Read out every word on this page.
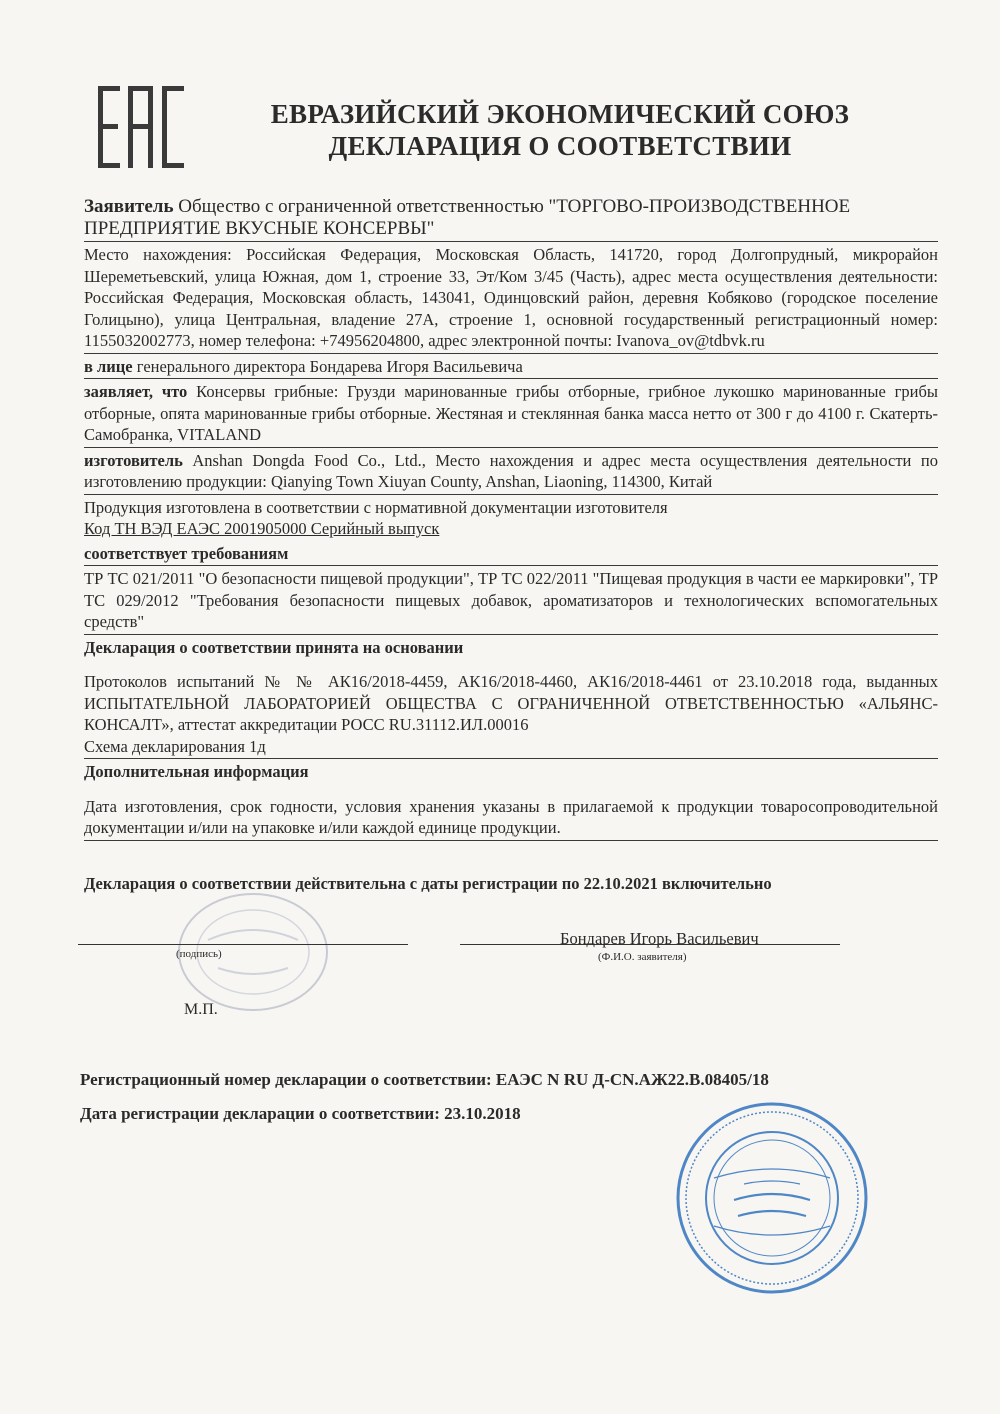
ЕВРАЗИЙСКИЙ ЭКОНОМИЧЕСКИЙ СОЮЗ
ДЕКЛАРАЦИЯ О СООТВЕТСТВИИ
Заявитель Общество с ограниченной ответственностью "ТОРГОВО-ПРОИЗВОДСТВЕННОЕ ПРЕДПРИЯТИЕ ВКУСНЫЕ КОНСЕРВЫ"
Место нахождения: Российская Федерация, Московская Область, 141720, город Долгопрудный, микрорайон Шереметьевский, улица Южная, дом 1, строение 33, Эт/Ком 3/45 (Часть), адрес места осуществления деятельности: Российская Федерация, Московская область, 143041, Одинцовский район, деревня Кобяково (городское поселение Голицыно), улица Центральная, владение 27А, строение 1, основной государственный регистрационный номер: 1155032002773, номер телефона: +74956204800, адрес электронной почты: Ivanova_ov@tdbvk.ru
в лице генерального директора Бондарева Игоря Васильевича
заявляет, что Консервы грибные: Грузди маринованные грибы отборные, грибное лукошко маринованные грибы отборные, опята маринованные грибы отборные. Жестяная и стеклянная банка масса нетто от 300 г до 4100 г. Скатерть-Самобранка, VITALAND
изготовитель Anshan Dongda Food Co., Ltd., Место нахождения и адрес места осуществления деятельности по изготовлению продукции: Qianying Town Xiuyan County, Anshan, Liaoning, 114300, Китай
Продукция изготовлена в соответствии с нормативной документации изготовителя
Код ТН ВЭД ЕАЭС 2001905000 Серийный выпуск
соответствует требованиям
ТР ТС 021/2011 "О безопасности пищевой продукции", ТР ТС 022/2011 "Пищевая продукция в части ее маркировки", ТР ТС 029/2012 "Требования безопасности пищевых добавок, ароматизаторов и технологических вспомогательных средств"
Декларация о соответствии принята на основании
Протоколов испытаний № № АК16/2018-4459, АК16/2018-4460, АК16/2018-4461 от 23.10.2018 года, выданных ИСПЫТАТЕЛЬНОЙ ЛАБОРАТОРИЕЙ ОБЩЕСТВА С ОГРАНИЧЕННОЙ ОТВЕТСТВЕННОСТЬЮ «АЛЬЯНС-КОНСАЛТ», аттестат аккредитации РОСС RU.31112.ИЛ.00016
Схема декларирования 1д
Дополнительная информация
Дата изготовления, срок годности, условия хранения указаны в прилагаемой к продукции товаросопроводительной документации и/или на упаковке и/или каждой единице продукции.
Декларация о соответствии действительна с даты регистрации по 22.10.2021 включительно
Бондарев Игорь Васильевич
(подпись)	(Ф.И.О. заявителя)
М.П.
Регистрационный номер декларации о соответствии: ЕАЭС N RU Д-CN.АЖ22.В.08405/18
Дата регистрации декларации о соответствии: 23.10.2018
